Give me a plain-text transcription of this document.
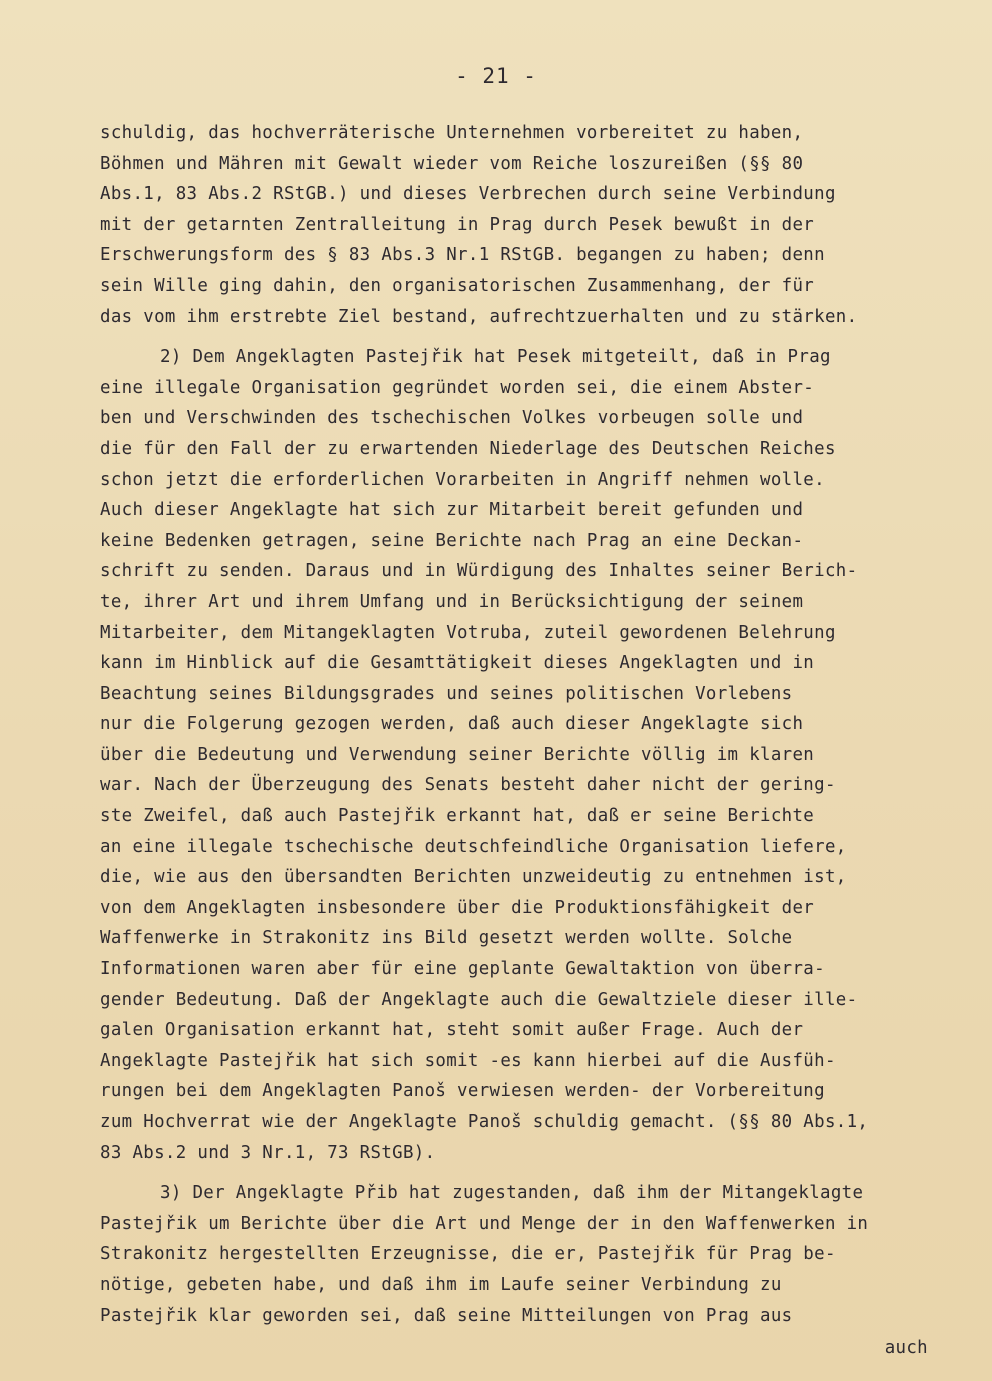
- 21 -
schuldig, das hochverräterische Unternehmen vorbereitet zu haben,
Böhmen und Mähren mit Gewalt wieder vom Reiche loszureißen (§§ 80
Abs.1, 83 Abs.2 RStGB.) und dieses Verbrechen durch seine Verbindung
mit der getarnten Zentralleitung in Prag durch Pesek bewußt in der
Erschwerungsform des § 83 Abs.3 Nr.1 RStGB. begangen zu haben; denn
sein Wille ging dahin, den organisatorischen Zusammenhang, der für
das vom ihm erstrebte Ziel bestand, aufrechtzuerhalten und zu stärken.
2) Dem Angeklagten Pastejřik hat Pesek mitgeteilt, daß in Prag
eine illegale Organisation gegründet worden sei, die einem Abster-
ben und Verschwinden des tschechischen Volkes vorbeugen solle und
die für den Fall der zu erwartenden Niederlage des Deutschen Reiches
schon jetzt die erforderlichen Vorarbeiten in Angriff nehmen wolle.
Auch dieser Angeklagte hat sich zur Mitarbeit bereit gefunden und
keine Bedenken getragen, seine Berichte nach Prag an eine Deckan-
schrift zu senden. Daraus und in Würdigung des Inhaltes seiner Berich-
te, ihrer Art und ihrem Umfang und in Berücksichtigung der seinem
Mitarbeiter, dem Mitangeklagten Votruba, zuteil gewordenen Belehrung
kann im Hinblick auf die Gesamttätigkeit dieses Angeklagten und in
Beachtung seines Bildungsgrades und seines politischen Vorlebens
nur die Folgerung gezogen werden, daß auch dieser Angeklagte sich
über die Bedeutung und Verwendung seiner Berichte völlig im klaren
war. Nach der Überzeugung des Senats besteht daher nicht der gering-
ste Zweifel, daß auch Pastejřik erkannt hat, daß er seine Berichte
an eine illegale tschechische deutschfeindliche Organisation liefere,
die, wie aus den übersandten Berichten unzweideutig zu entnehmen ist,
von dem Angeklagten insbesondere über die Produktionsfähigkeit der
Waffenwerke in Strakonitz ins Bild gesetzt werden wollte. Solche
Informationen waren aber für eine geplante Gewaltaktion von überra-
gender Bedeutung. Daß der Angeklagte auch die Gewaltziele dieser ille-
galen Organisation erkannt hat, steht somit außer Frage. Auch der
Angeklagte Pastejřik hat sich somit -es kann hierbei auf die Ausfüh-
rungen bei dem Angeklagten Panoš verwiesen werden- der Vorbereitung
zum Hochverrat wie der Angeklagte Panoš schuldig gemacht. (§§ 80 Abs.1,
83 Abs.2 und 3 Nr.1, 73 RStGB).
3) Der Angeklagte Přib hat zugestanden, daß ihm der Mitangeklagte
Pastejřik um Berichte über die Art und Menge der in den Waffenwerken in
Strakonitz hergestellten Erzeugnisse, die er, Pastejřik für Prag be-
nötige, gebeten habe, und daß ihm im Laufe seiner Verbindung zu
Pastejřik klar geworden sei, daß seine Mitteilungen von Prag aus
auch
